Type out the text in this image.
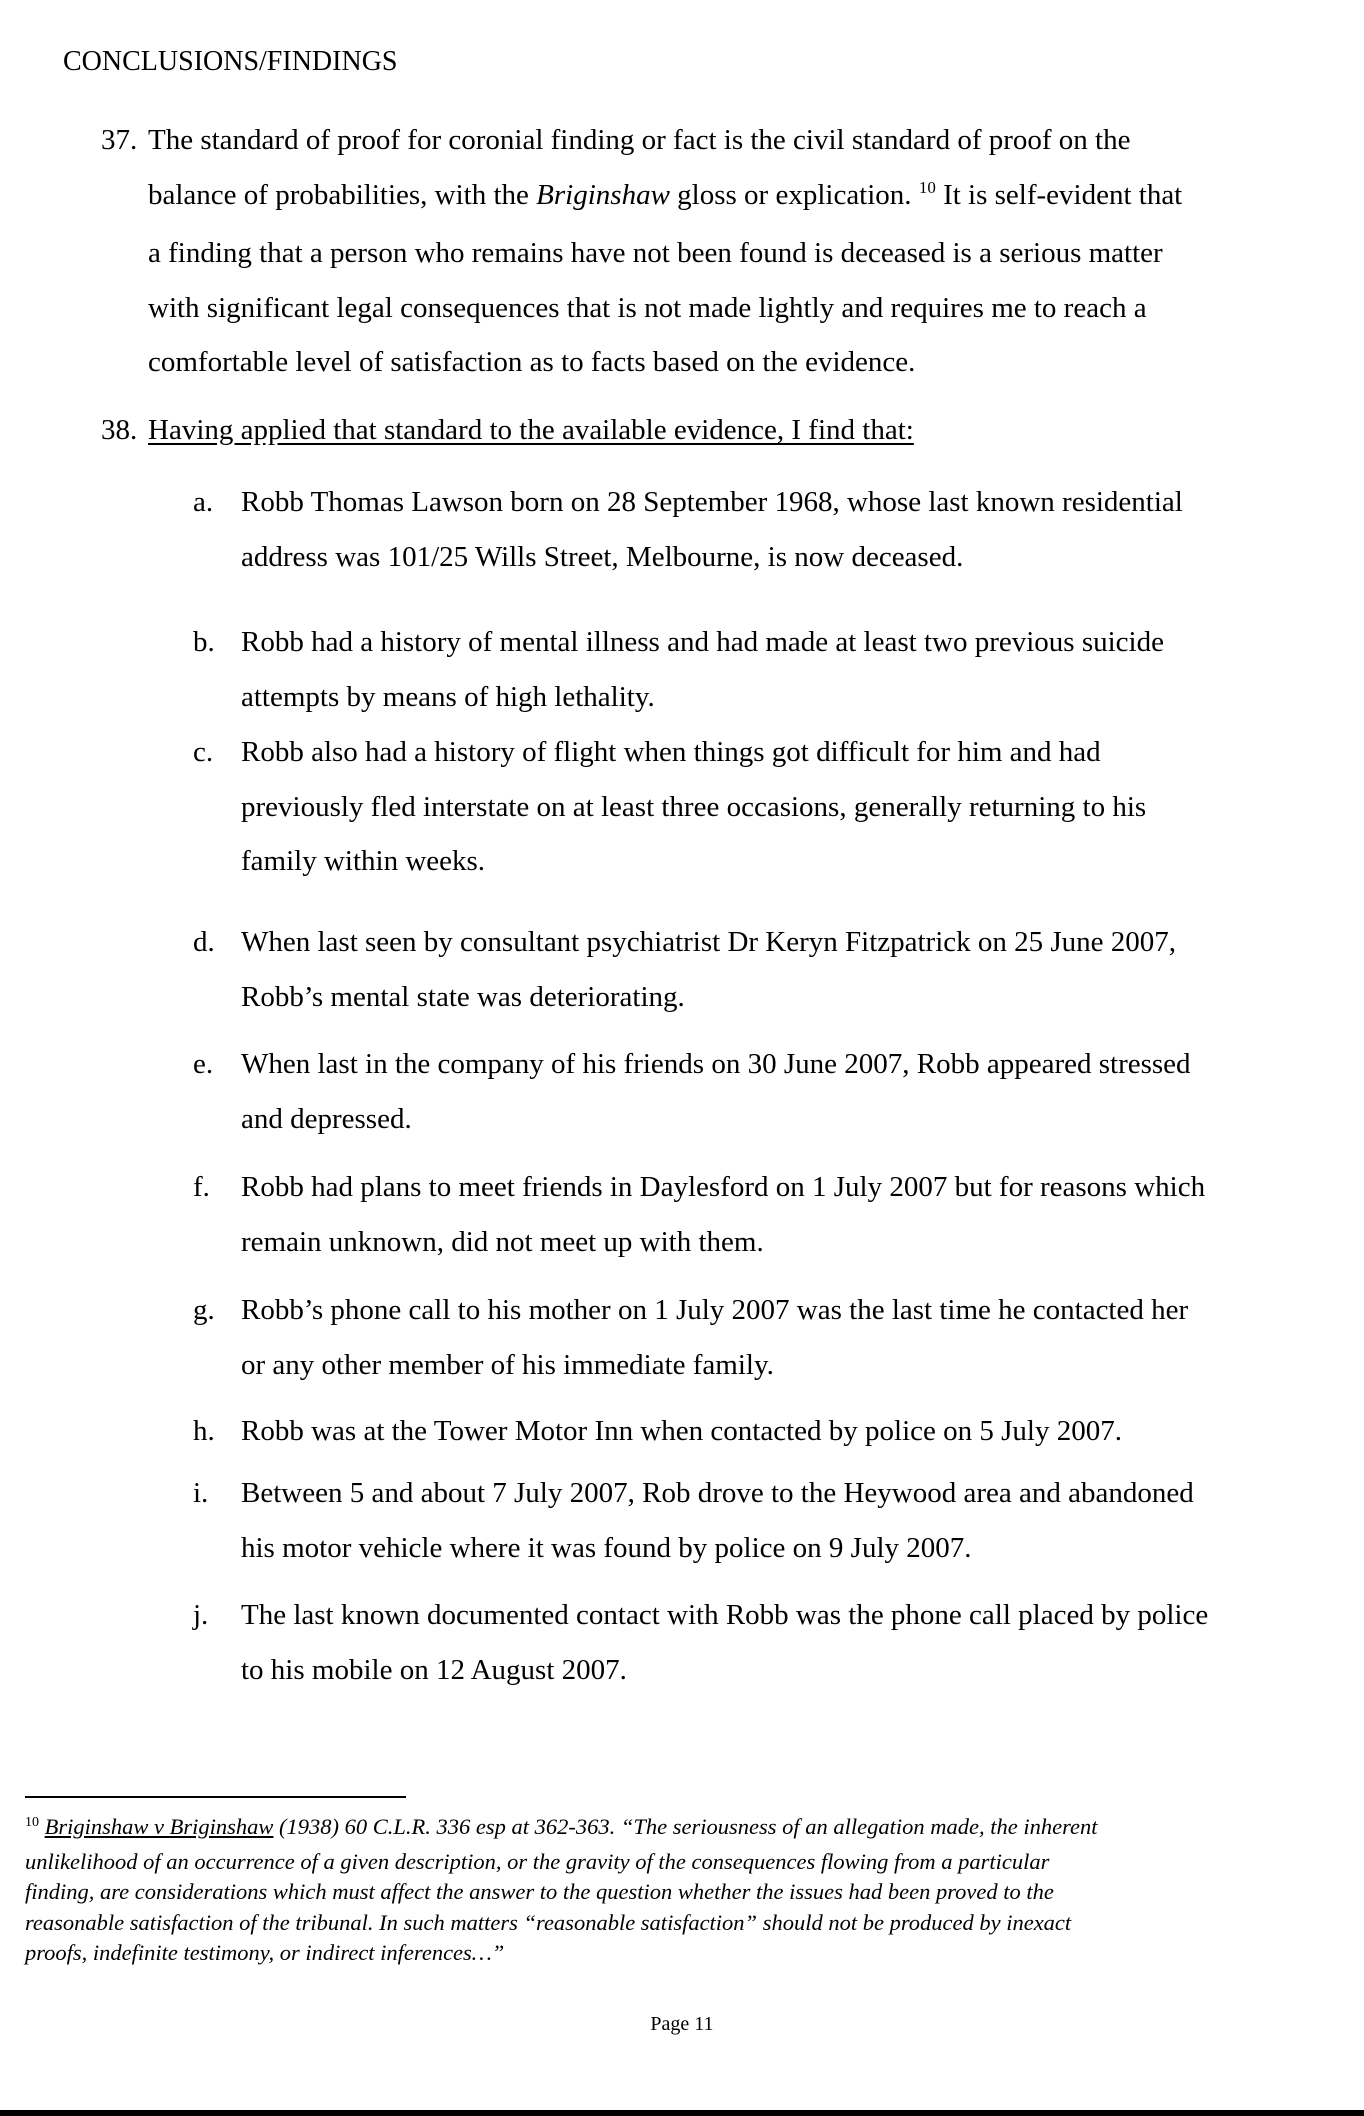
CONCLUSIONS/FINDINGS
37. The standard of proof for coronial finding or fact is the civil standard of proof on the
balance of probabilities, with the Briginshaw gloss or explication. $^{10}$ It is self-evident that
a finding that a person who remains have not been found is deceased is a serious matter
with significant legal consequences that is not made lightly and requires me to reach a
comfortable level of satisfaction as to facts based on the evidence.
38. Having applied that standard to the available evidence, I find that:
a. Robb Thomas Lawson born on 28 September 1968, whose last known residential
address was 101/25 Wills Street, Melbourne, is now deceased.
b. Robb had a history of mental illness and had made at least two previous suicide
attempts by means of high lethality.
c. Robb also had a history of flight when things got difficult for him and had
previously fled interstate on at least three occasions, generally returning to his
family within weeks.
d. When last seen by consultant psychiatrist Dr Keryn Fitzpatrick on 25 June 2007,
Robb’s mental state was deteriorating.
e. When last in the company of his friends on 30 June 2007, Robb appeared stressed
and depressed.
f. Robb had plans to meet friends in Daylesford on 1 July 2007 but for reasons which
remain unknown, did not meet up with them.
g. Robb’s phone call to his mother on 1 July 2007 was the last time he contacted her
or any other member of his immediate family.
h. Robb was at the Tower Motor Inn when contacted by police on 5 July 2007.
i. Between 5 and about 7 July 2007, Rob drove to the Heywood area and abandoned
his motor vehicle where it was found by police on 9 July 2007.
j. The last known documented contact with Robb was the phone call placed by police
to his mobile on 12 August 2007.
$^{10}$ Briginshaw v Briginshaw (1938) 60 C.L.R. 336 esp at 362-363. “The seriousness of an allegation made, the inherent
unlikelihood of an occurrence of a given description, or the gravity of the consequences flowing from a particular
finding, are considerations which must affect the answer to the question whether the issues had been proved to the
reasonable satisfaction of the tribunal. In such matters “reasonable satisfaction” should not be produced by inexact
proofs, indefinite testimony, or indirect inferences…”
Page 11
